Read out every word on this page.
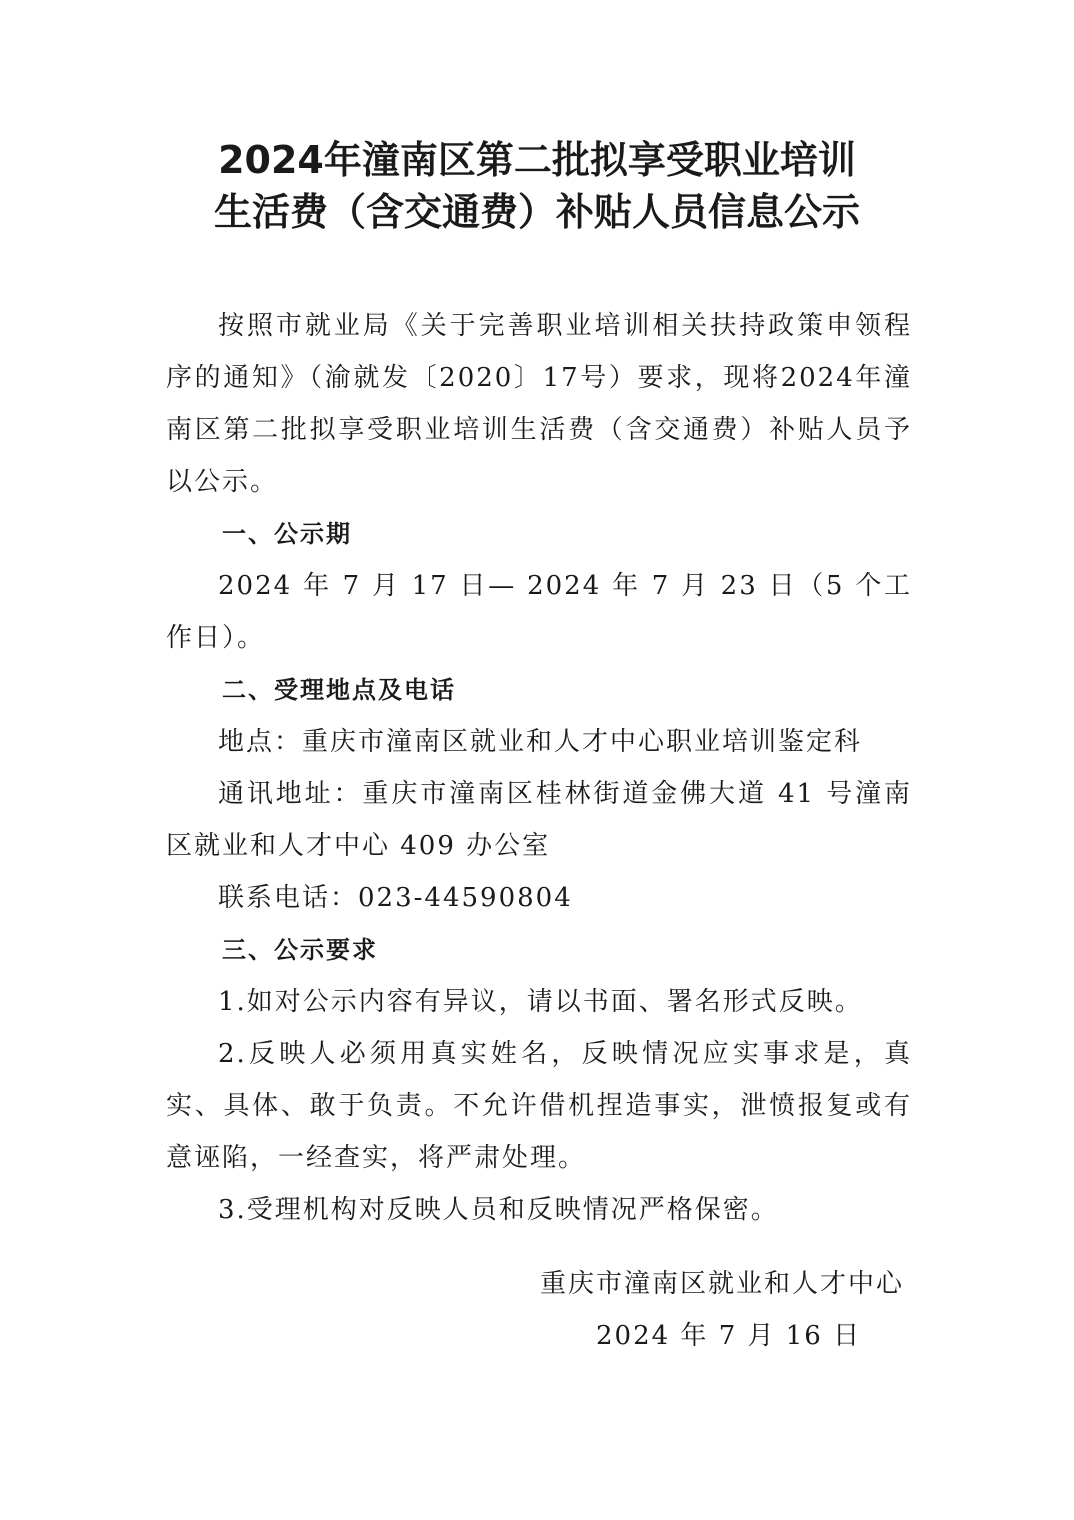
2024年潼南区第二批拟享受职业培训
生活费（含交通费）补贴人员信息公示

按照市就业局《关于完善职业培训相关扶持政策申领程序的通知》（渝就发〔2020〕17号）要求，现将2024年潼南区第二批拟享受职业培训生活费（含交通费）补贴人员予以公示。

一、公示期

2024 年 7 月 17 日— 2024 年 7 月 23 日（5 个工作日）。

二、受理地点及电话

地点：重庆市潼南区就业和人才中心职业培训鉴定科

通讯地址：重庆市潼南区桂林街道金佛大道 41 号潼南区就业和人才中心 409 办公室

联系电话：023-44590804

三、公示要求

1.如对公示内容有异议，请以书面、署名形式反映。

2.反映人必须用真实姓名，反映情况应实事求是，真实、具体、敢于负责。不允许借机捏造事实，泄愤报复或有意诬陷，一经查实，将严肃处理。

3.受理机构对反映人员和反映情况严格保密。

重庆市潼南区就业和人才中心
2024 年 7 月 16 日
